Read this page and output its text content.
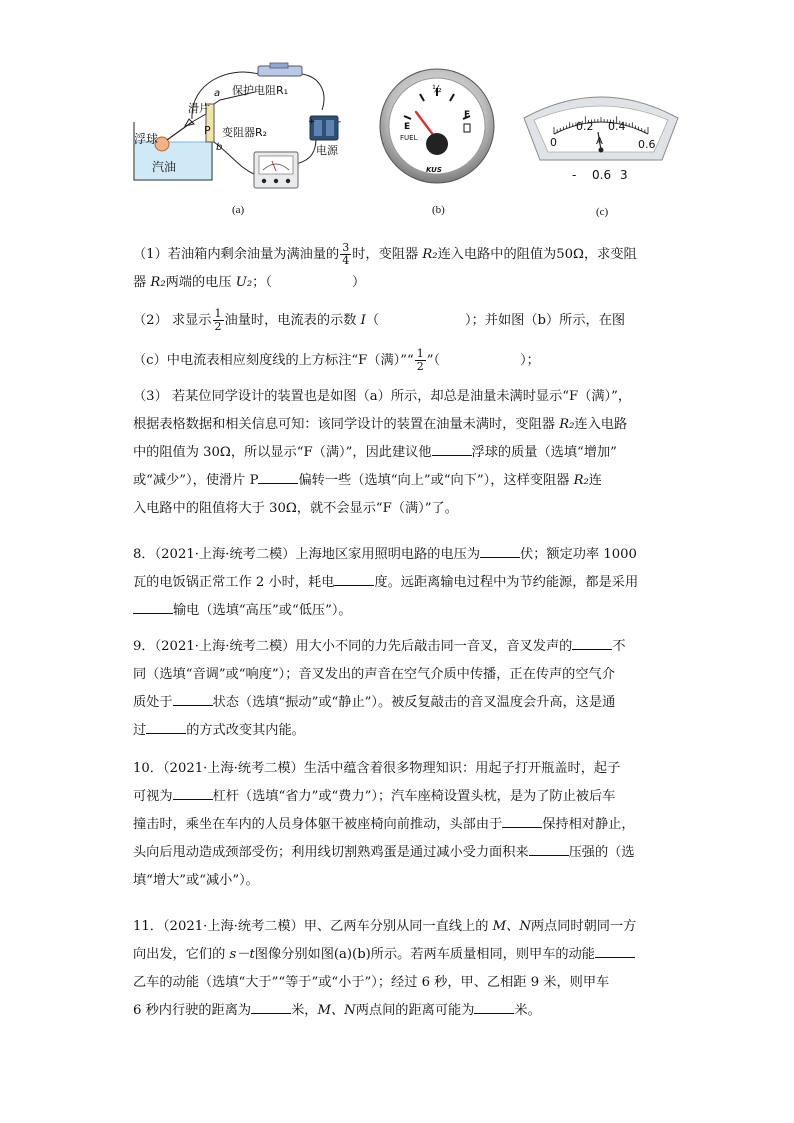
+ -
浮球
汽油
滑片
P
a
b
变阻器R₂
保护电阻R₁
电源
(a)
E
½
F
FUEL
KUS
(b)
0
0.2 0.4
0.6
A
- 0.6 3
(c)
（1）若油箱内剩余油量为满油量的 $\frac{3}{4}$ 时，变阻器 R₂连入电路中的阻值为50Ω，求变阻
器 R₂两端的电压 U₂；（	）
（2） 求显示 $\frac{1}{2}$ 油量时，电流表的示数 I（	）；并如图（b）所示，在图
（c）中电流表相应刻度线的上方标注“F（满）”“ $\frac{1}{2}$ ”（	）；
（3） 若某位同学设计的装置也是如图（a）所示，却总是油量未满时显示“F（满）”，
根据表格数据和相关信息可知：该同学设计的装置在油量未满时，变阻器 R₂连入电路
中的阻值为 30Ω，所以显示“F（满）”，因此建议他	浮球的质量（选填“增加”
或“减少”），使滑片 P	偏转一些（选填“向上”或“向下”），这样变阻器 R₂连
入电路中的阻值将大于 30Ω，就不会显示“F（满）”了。
8．（2021·上海·统考二模）上海地区家用照明电路的电压为	伏；额定功率 1000
瓦的电饭锅正常工作 2 小时，耗电	度。远距离输电过程中为节约能源，都是采用
输电（选填“高压”或“低压”）。
9．（2021·上海·统考二模）用大小不同的力先后敲击同一音叉，音叉发声的	不
同（选填“音调”或“响度”）；音叉发出的声音在空气介质中传播，正在传声的空气介
质处于	状态（选填“振动”或“静止”）。被反复敲击的音叉温度会升高，这是通
过	的方式改变其内能。
10．（2021·上海·统考二模）生活中蕴含着很多物理知识：用起子打开瓶盖时，起子
可视为	杠杆（选填“省力”或“费力”）；汽车座椅设置头枕，是为了防止被后车
撞击时，乘坐在车内的人员身体躯干被座椅向前推动，头部由于	保持相对静止，
头向后甩动造成颈部受伤；利用线切割熟鸡蛋是通过减小受力面积来	压强的（选
填“增大”或“减小”）。
11．（2021·上海·统考二模）甲、乙两车分别从同一直线上的 M、N两点同时朝同一方
向出发，它们的 s－t图像分别如图(a)(b)所示。若两车质量相同，则甲车的动能
乙车的动能（选填“大于”“等于”或“小于”）；经过 6 秒，甲、乙相距 9 米，则甲车
6 秒内行驶的距离为	米，M、N两点间的距离可能为	米。
